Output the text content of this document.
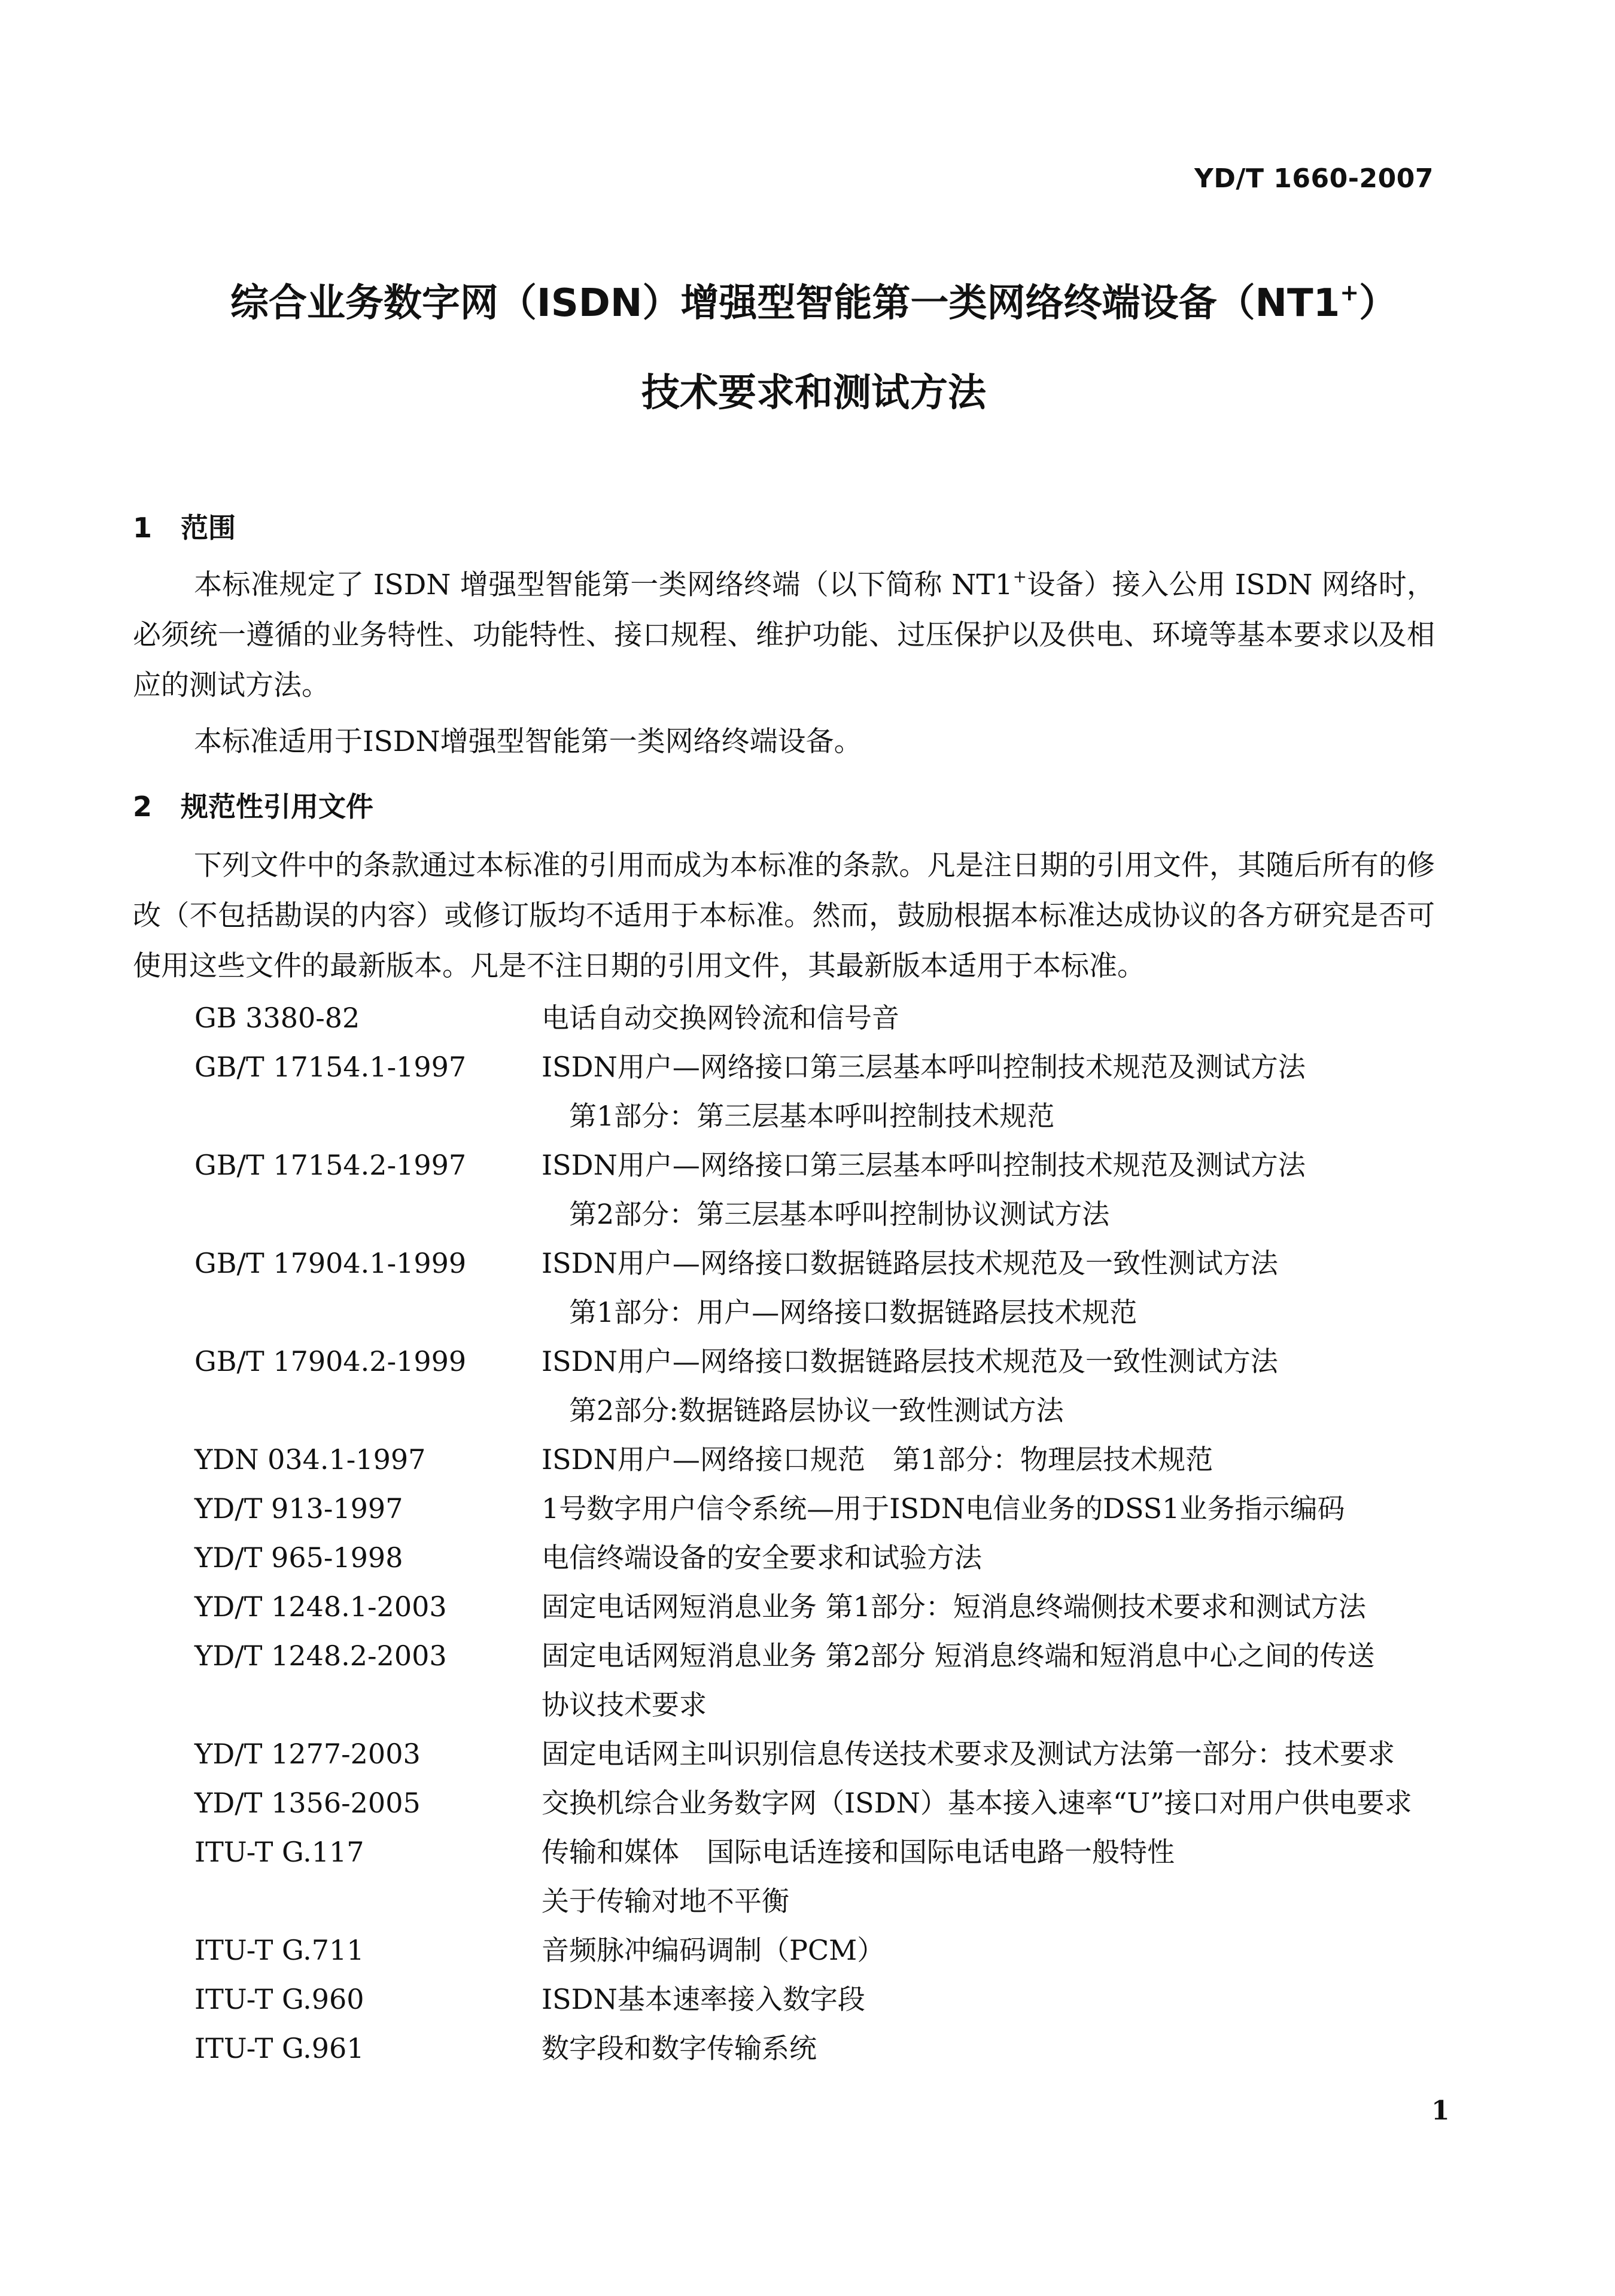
YD/T 1660-2007
综合业务数字网（ISDN）增强型智能第一类网络终端设备（NT1+）
技术要求和测试方法
1 范围
本标准规定了 ISDN 增强型智能第一类网络终端（以下简称 NT1+设备）接入公用 ISDN 网络时，必须统一遵循的业务特性、功能特性、接口规程、维护功能、过压保护以及供电、环境等基本要求以及相应的测试方法。
本标准适用于ISDN增强型智能第一类网络终端设备。
2 规范性引用文件
下列文件中的条款通过本标准的引用而成为本标准的条款。凡是注日期的引用文件，其随后所有的修改（不包括勘误的内容）或修订版均不适用于本标准。然而，鼓励根据本标准达成协议的各方研究是否可使用这些文件的最新版本。凡是不注日期的引用文件，其最新版本适用于本标准。
GB 3380-82	电话自动交换网铃流和信号音
GB/T 17154.1-1997	ISDN用户—网络接口第三层基本呼叫控制技术规范及测试方法
第1部分：第三层基本呼叫控制技术规范
GB/T 17154.2-1997	ISDN用户—网络接口第三层基本呼叫控制技术规范及测试方法
第2部分：第三层基本呼叫控制协议测试方法
GB/T 17904.1-1999	ISDN用户—网络接口数据链路层技术规范及一致性测试方法
第1部分：用户—网络接口数据链路层技术规范
GB/T 17904.2-1999	ISDN用户—网络接口数据链路层技术规范及一致性测试方法
第2部分:数据链路层协议一致性测试方法
YDN 034.1-1997	ISDN用户—网络接口规范　第1部分：物理层技术规范
YD/T 913-1997	1号数字用户信令系统—用于ISDN电信业务的DSS1业务指示编码
YD/T 965-1998	电信终端设备的安全要求和试验方法
YD/T 1248.1-2003	固定电话网短消息业务 第1部分：短消息终端侧技术要求和测试方法
YD/T 1248.2-2003	固定电话网短消息业务 第2部分 短消息终端和短消息中心之间的传送
协议技术要求
YD/T 1277-2003	固定电话网主叫识别信息传送技术要求及测试方法第一部分：技术要求
YD/T 1356-2005	交换机综合业务数字网（ISDN）基本接入速率“U”接口对用户供电要求
ITU-T G.117	传输和媒体　国际电话连接和国际电话电路一般特性
关于传输对地不平衡
ITU-T G.711	音频脉冲编码调制（PCM）
ITU-T G.960	ISDN基本速率接入数字段
ITU-T G.961	数字段和数字传输系统
1
